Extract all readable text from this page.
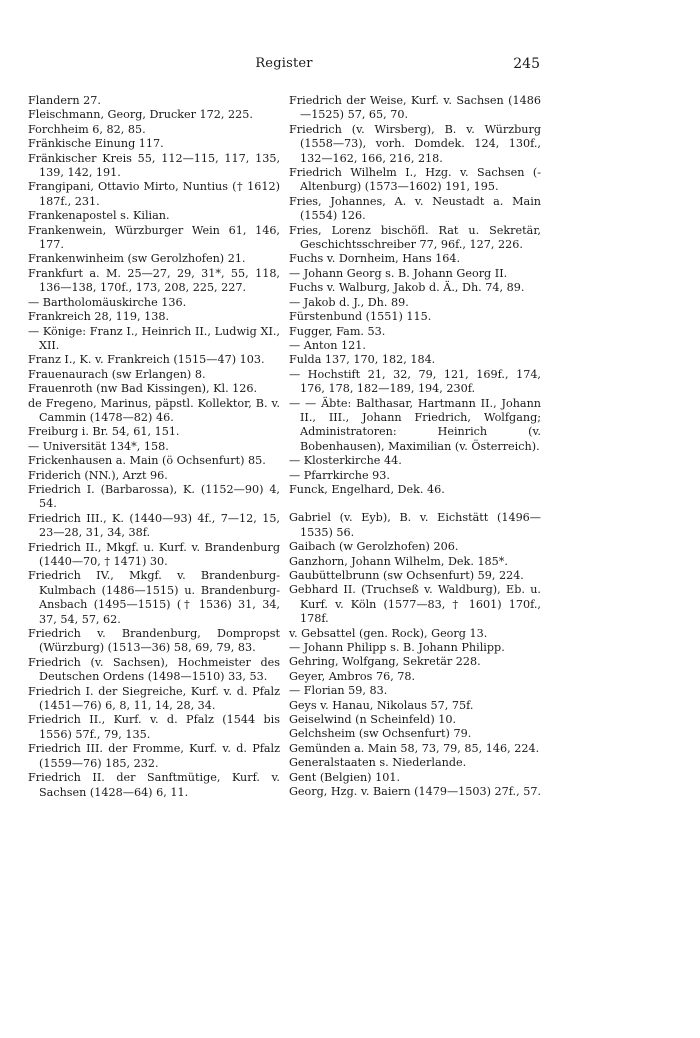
Register	245
Flandern 27.
Fleischmann, Georg, Drucker 172, 225.
Forchheim 6, 82, 85.
Fränkische Einung 117.
Fränkischer Kreis 55, 112—115, 117, 135, 139, 142, 191.
Frangipani, Ottavio Mirto, Nuntius († 1612) 187f., 231.
Frankenapostel s. Kilian.
Frankenwein, Würzburger Wein 61, 146, 177.
Frankenwinheim (sw Gerolzhofen) 21.
Frankfurt a. M. 25—27, 29, 31*, 55, 118, 136—138, 170f., 173, 208, 225, 227.
— Bartholomäuskirche 136.
Frankreich 28, 119, 138.
— Könige: Franz I., Heinrich II., Ludwig XI., XII.
Franz I., K. v. Frankreich (1515—47) 103.
Frauenaurach (sw Erlangen) 8.
Frauenroth (nw Bad Kissingen), Kl. 126.
de Fregeno, Marinus, päpstl. Kollektor, B. v. Cammin (1478—82) 46.
Freiburg i. Br. 54, 61, 151.
— Universität 134*, 158.
Frickenhausen a. Main (ö Ochsenfurt) 85.
Friderich (NN.), Arzt 96.
Friedrich I. (Barbarossa), K. (1152—90) 4, 54.
Friedrich III., K. (1440—93) 4f., 7—12, 15, 23—28, 31, 34, 38f.
Friedrich II., Mkgf. u. Kurf. v. Brandenburg (1440—70, † 1471) 30.
Friedrich IV., Mkgf. v. Brandenburg-Kulmbach (1486—1515) u. Brandenburg-Ansbach (1495—1515) († 1536) 31, 34, 37, 54, 57, 62.
Friedrich v. Brandenburg, Dompropst (Würzburg) (1513—36) 58, 69, 79, 83.
Friedrich (v. Sachsen), Hochmeister des Deutschen Ordens (1498—1510) 33, 53.
Friedrich I. der Siegreiche, Kurf. v. d. Pfalz (1451—76) 6, 8, 11, 14, 28, 34.
Friedrich II., Kurf. v. d. Pfalz (1544 bis 1556) 57f., 79, 135.
Friedrich III. der Fromme, Kurf. v. d. Pfalz (1559—76) 185, 232.
Friedrich II. der Sanftmütige, Kurf. v. Sachsen (1428—64) 6, 11.
Friedrich der Weise, Kurf. v. Sachsen (1486—1525) 57, 65, 70.
Friedrich (v. Wirsberg), B. v. Würzburg (1558—73), vorh. Domdek. 124, 130f., 132—162, 166, 216, 218.
Friedrich Wilhelm I., Hzg. v. Sachsen (-Altenburg) (1573—1602) 191, 195.
Fries, Johannes, A. v. Neustadt a. Main (1554) 126.
Fries, Lorenz bischöfl. Rat u. Sekretär, Geschichtsschreiber 77, 96f., 127, 226.
Fuchs v. Dornheim, Hans 164.
— Johann Georg s. B. Johann Georg II.
Fuchs v. Walburg, Jakob d. Ä., Dh. 74, 89.
— Jakob d. J., Dh. 89.
Fürstenbund (1551) 115.
Fugger, Fam. 53.
— Anton 121.
Fulda 137, 170, 182, 184.
— Hochstift 21, 32, 79, 121, 169f., 174, 176, 178, 182—189, 194, 230f.
— — Äbte: Balthasar, Hartmann II., Johann II., III., Johann Friedrich, Wolfgang; Administratoren: Heinrich (v. Bobenhausen), Maximilian (v. Österreich).
— Klosterkirche 44.
— Pfarrkirche 93.
Funck, Engelhard, Dek. 46.
Gabriel (v. Eyb), B. v. Eichstätt (1496—1535) 56.
Gaibach (w Gerolzhofen) 206.
Ganzhorn, Johann Wilhelm, Dek. 185*.
Gaubüttelbrunn (sw Ochsenfurt) 59, 224.
Gebhard II. (Truchseß v. Waldburg), Eb. u. Kurf. v. Köln (1577—83, † 1601) 170f., 178f.
v. Gebsattel (gen. Rock), Georg 13.
— Johann Philipp s. B. Johann Philipp.
Gehring, Wolfgang, Sekretär 228.
Geyer, Ambros 76, 78.
— Florian 59, 83.
Geys v. Hanau, Nikolaus 57, 75f.
Geiselwind (n Scheinfeld) 10.
Gelchsheim (sw Ochsenfurt) 79.
Gemünden a. Main 58, 73, 79, 85, 146, 224.
Generalstaaten s. Niederlande.
Gent (Belgien) 101.
Georg, Hzg. v. Baiern (1479—1503) 27f., 57.
